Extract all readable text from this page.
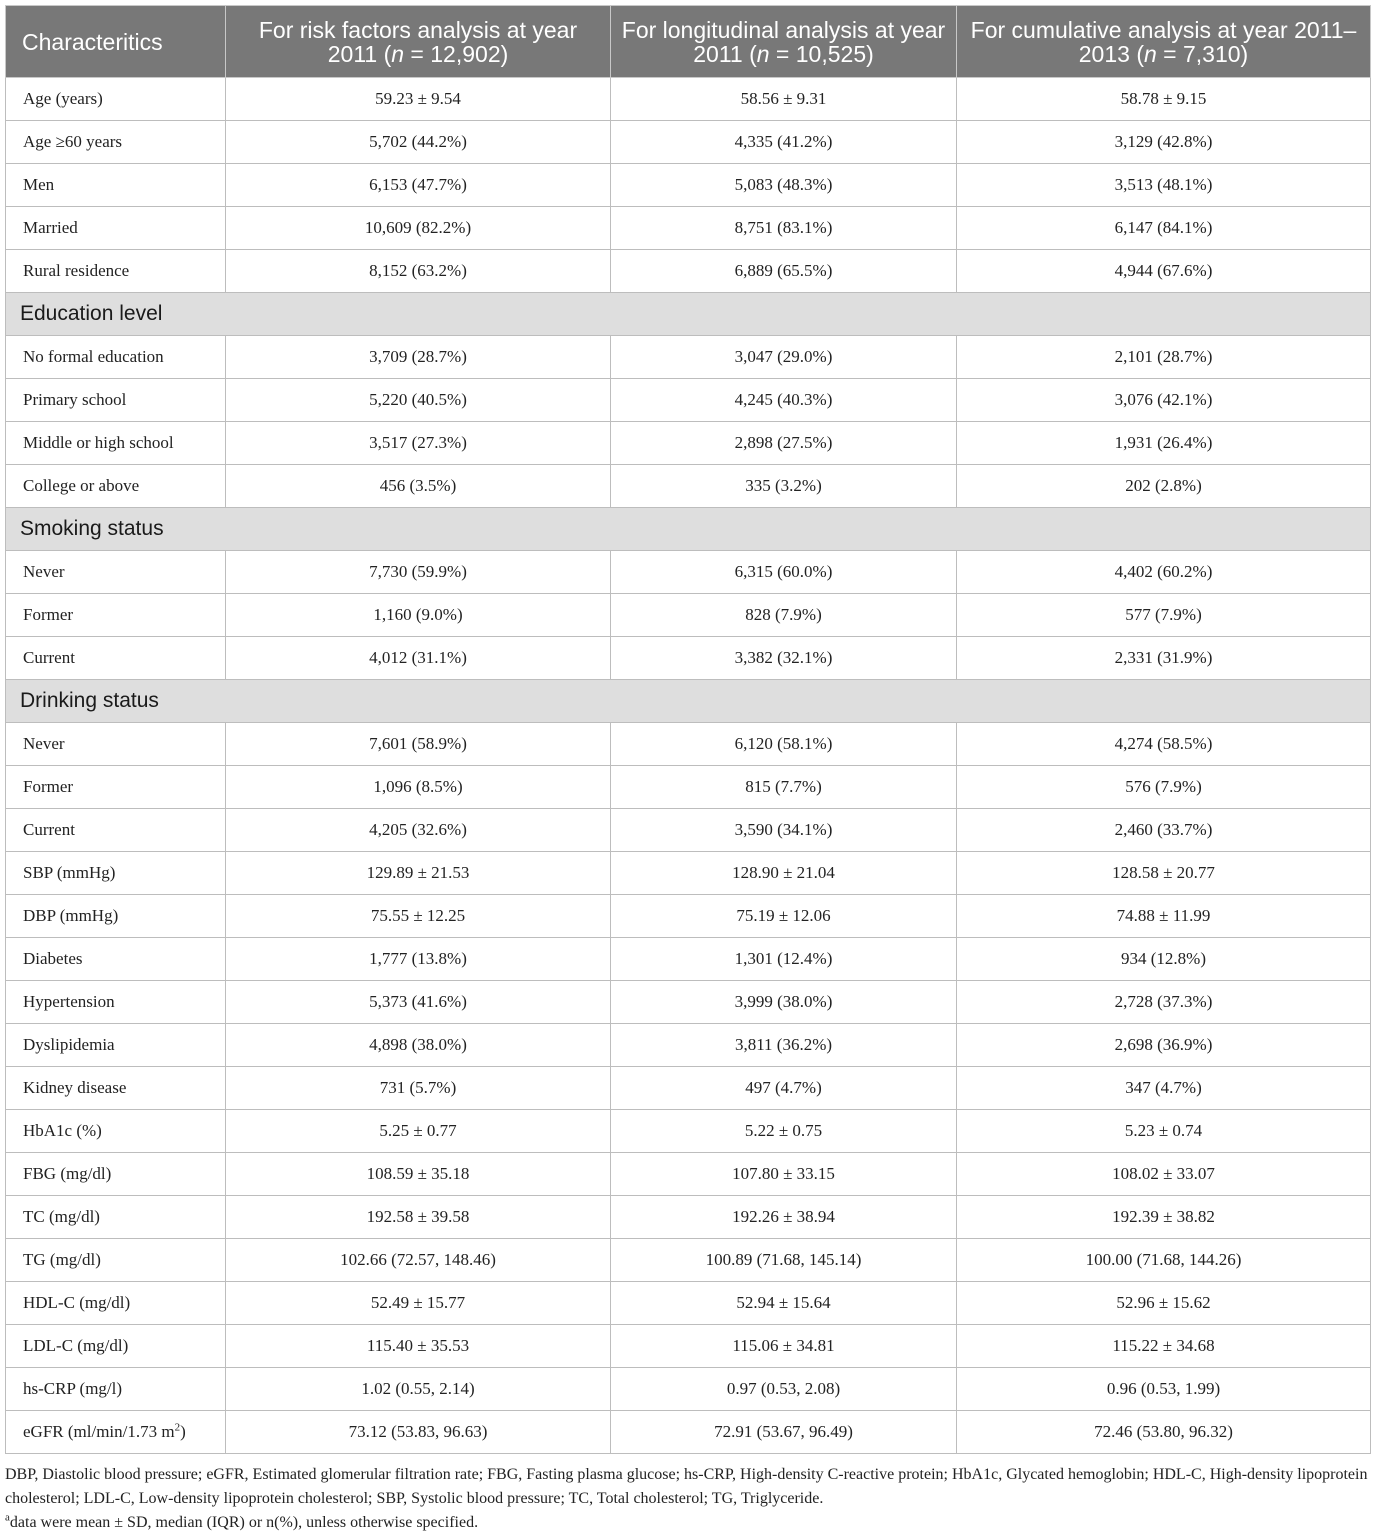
Characteritics	For risk factors analysis at year 2011 (n = 12,902)	For longitudinal analysis at year 2011 (n = 10,525)	For cumulative analysis at year 2011–2013 (n = 7,310)
Age (years)	59.23 ± 9.54	58.56 ± 9.31	58.78 ± 9.15
Age ≥60 years	5,702 (44.2%)	4,335 (41.2%)	3,129 (42.8%)
Men	6,153 (47.7%)	5,083 (48.3%)	3,513 (48.1%)
Married	10,609 (82.2%)	8,751 (83.1%)	6,147 (84.1%)
Rural residence	8,152 (63.2%)	6,889 (65.5%)	4,944 (67.6%)
Education level			
No formal education	3,709 (28.7%)	3,047 (29.0%)	2,101 (28.7%)
Primary school	5,220 (40.5%)	4,245 (40.3%)	3,076 (42.1%)
Middle or high school	3,517 (27.3%)	2,898 (27.5%)	1,931 (26.4%)
College or above	456 (3.5%)	335 (3.2%)	202 (2.8%)
Smoking status			
Never	7,730 (59.9%)	6,315 (60.0%)	4,402 (60.2%)
Former	1,160 (9.0%)	828 (7.9%)	577 (7.9%)
Current	4,012 (31.1%)	3,382 (32.1%)	2,331 (31.9%)
Drinking status			
Never	7,601 (58.9%)	6,120 (58.1%)	4,274 (58.5%)
Former	1,096 (8.5%)	815 (7.7%)	576 (7.9%)
Current	4,205 (32.6%)	3,590 (34.1%)	2,460 (33.7%)
SBP (mmHg)	129.89 ± 21.53	128.90 ± 21.04	128.58 ± 20.77
DBP (mmHg)	75.55 ± 12.25	75.19 ± 12.06	74.88 ± 11.99
Diabetes	1,777 (13.8%)	1,301 (12.4%)	934 (12.8%)
Hypertension	5,373 (41.6%)	3,999 (38.0%)	2,728 (37.3%)
Dyslipidemia	4,898 (38.0%)	3,811 (36.2%)	2,698 (36.9%)
Kidney disease	731 (5.7%)	497 (4.7%)	347 (4.7%)
HbA1c (%)	5.25 ± 0.77	5.22 ± 0.75	5.23 ± 0.74
FBG (mg/dl)	108.59 ± 35.18	107.80 ± 33.15	108.02 ± 33.07
TC (mg/dl)	192.58 ± 39.58	192.26 ± 38.94	192.39 ± 38.82
TG (mg/dl)	102.66 (72.57, 148.46)	100.89 (71.68, 145.14)	100.00 (71.68, 144.26)
HDL-C (mg/dl)	52.49 ± 15.77	52.94 ± 15.64	52.96 ± 15.62
LDL-C (mg/dl)	115.40 ± 35.53	115.06 ± 34.81	115.22 ± 34.68
hs-CRP (mg/l)	1.02 (0.55, 2.14)	0.97 (0.53, 2.08)	0.96 (0.53, 1.99)
eGFR (ml/min/1.73 $m^2$)	73.12 (53.83, 96.63)	72.91 (53.67, 96.49)	72.46 (53.80, 96.32)

DBP, Diastolic blood pressure; eGFR, Estimated glomerular filtration rate; FBG, Fasting plasma glucose; hs-CRP, High-density C-reactive protein; HbA1c, Glycated hemoglobin; HDL-C, High-density lipoprotein cholesterol; LDL-C, Low-density lipoprotein cholesterol; SBP, Systolic blood pressure; TC, Total cholesterol; TG, Triglyceride.

$^a$data were mean ± SD, median (IQR) or n(%), unless otherwise specified.
